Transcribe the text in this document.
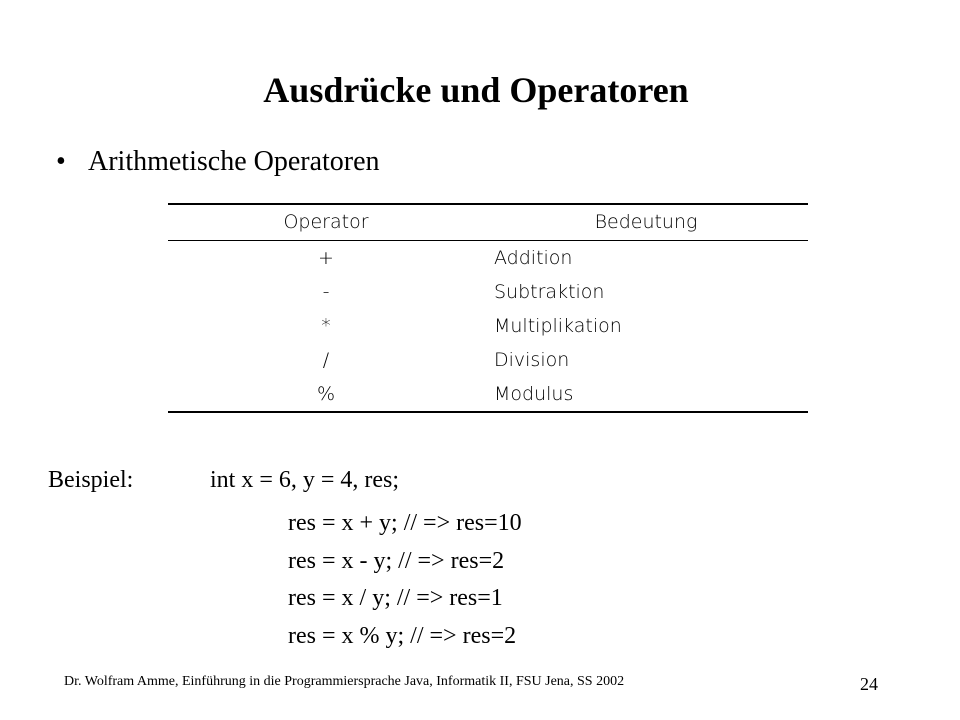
Ausdrücke und Operatoren
• Arithmetische Operatoren
Operator	Bedeutung
+	Addition
-	Subtraktion
*	Multiplikation
/	Division
%	Modulus
Beispiel:	int x = 6, y = 4, res;
res = x + y; // => res=10
res = x - y; // => res=2
res = x / y; // => res=1
res = x % y; // => res=2
Dr. Wolfram Amme, Einführung in die Programmiersprache Java, Informatik II, FSU Jena, SS 2002	24
